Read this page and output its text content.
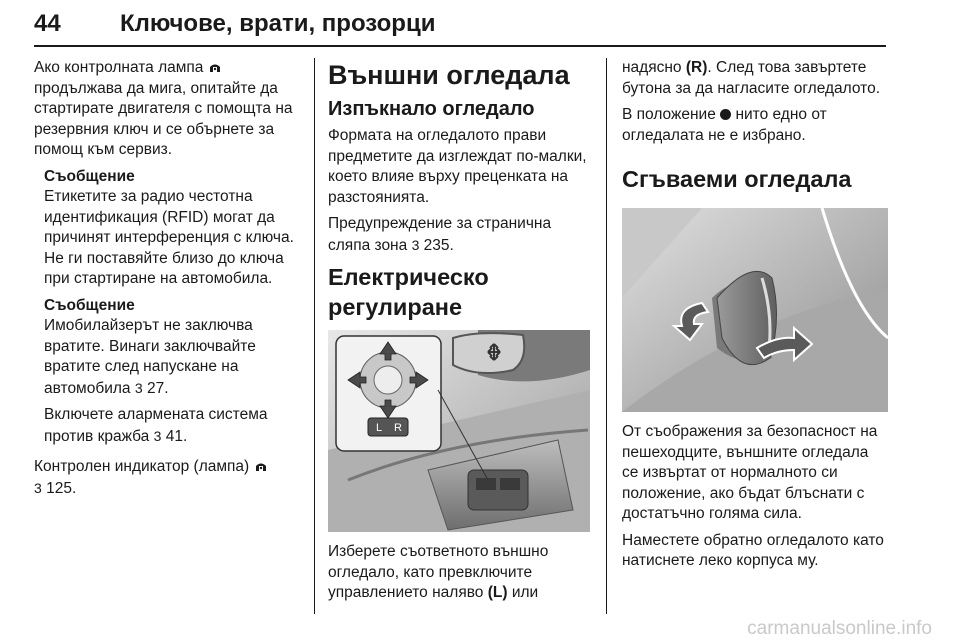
44 Ключове, врати, прозорци

Ако контролната лампа  продължава да мига, опитайте да стартирате двигателя с помощта на резервния ключ и се обърнете за помощ към сервиз.

Съобщение

Етикетите за радио честотна идентификация (RFID) могат да причинят интерференция с ключа. Не ги поставяйте близо до ключа при стартиране на автомобила.

Съобщение

Имобилайзерът не заключва вратите. Винаги заключвайте вратите след напускане на автомобила 3 27.

Включете алармената система против кражба 3 41.

Контролен индикатор (лампа)
3 125.

Външни огледала
Изпъкнало огледало

Формата на огледалото прави предметите да изглеждат по-малки, което влияе върху преценката на разстоянията.

Предупреждение за странична сляпа зона 3 235.

Електрическо регулиране
L R

Изберете съответното външно огледало, като превключите управлението наляво (L) или

надясно (R). След това завъртете бутона за да нагласите огледалото.

В положение нито едно от огледалата не е избрано.

Сгъваеми огледала

От съображения за безопасност на пешеходците, външните огледала се извъртат от нормалното си положение, ако бъдат блъснати с достатъчно голяма сила.

Наместете обратно огледалото като натиснете леко корпуса му.

carmanualsonline.info
